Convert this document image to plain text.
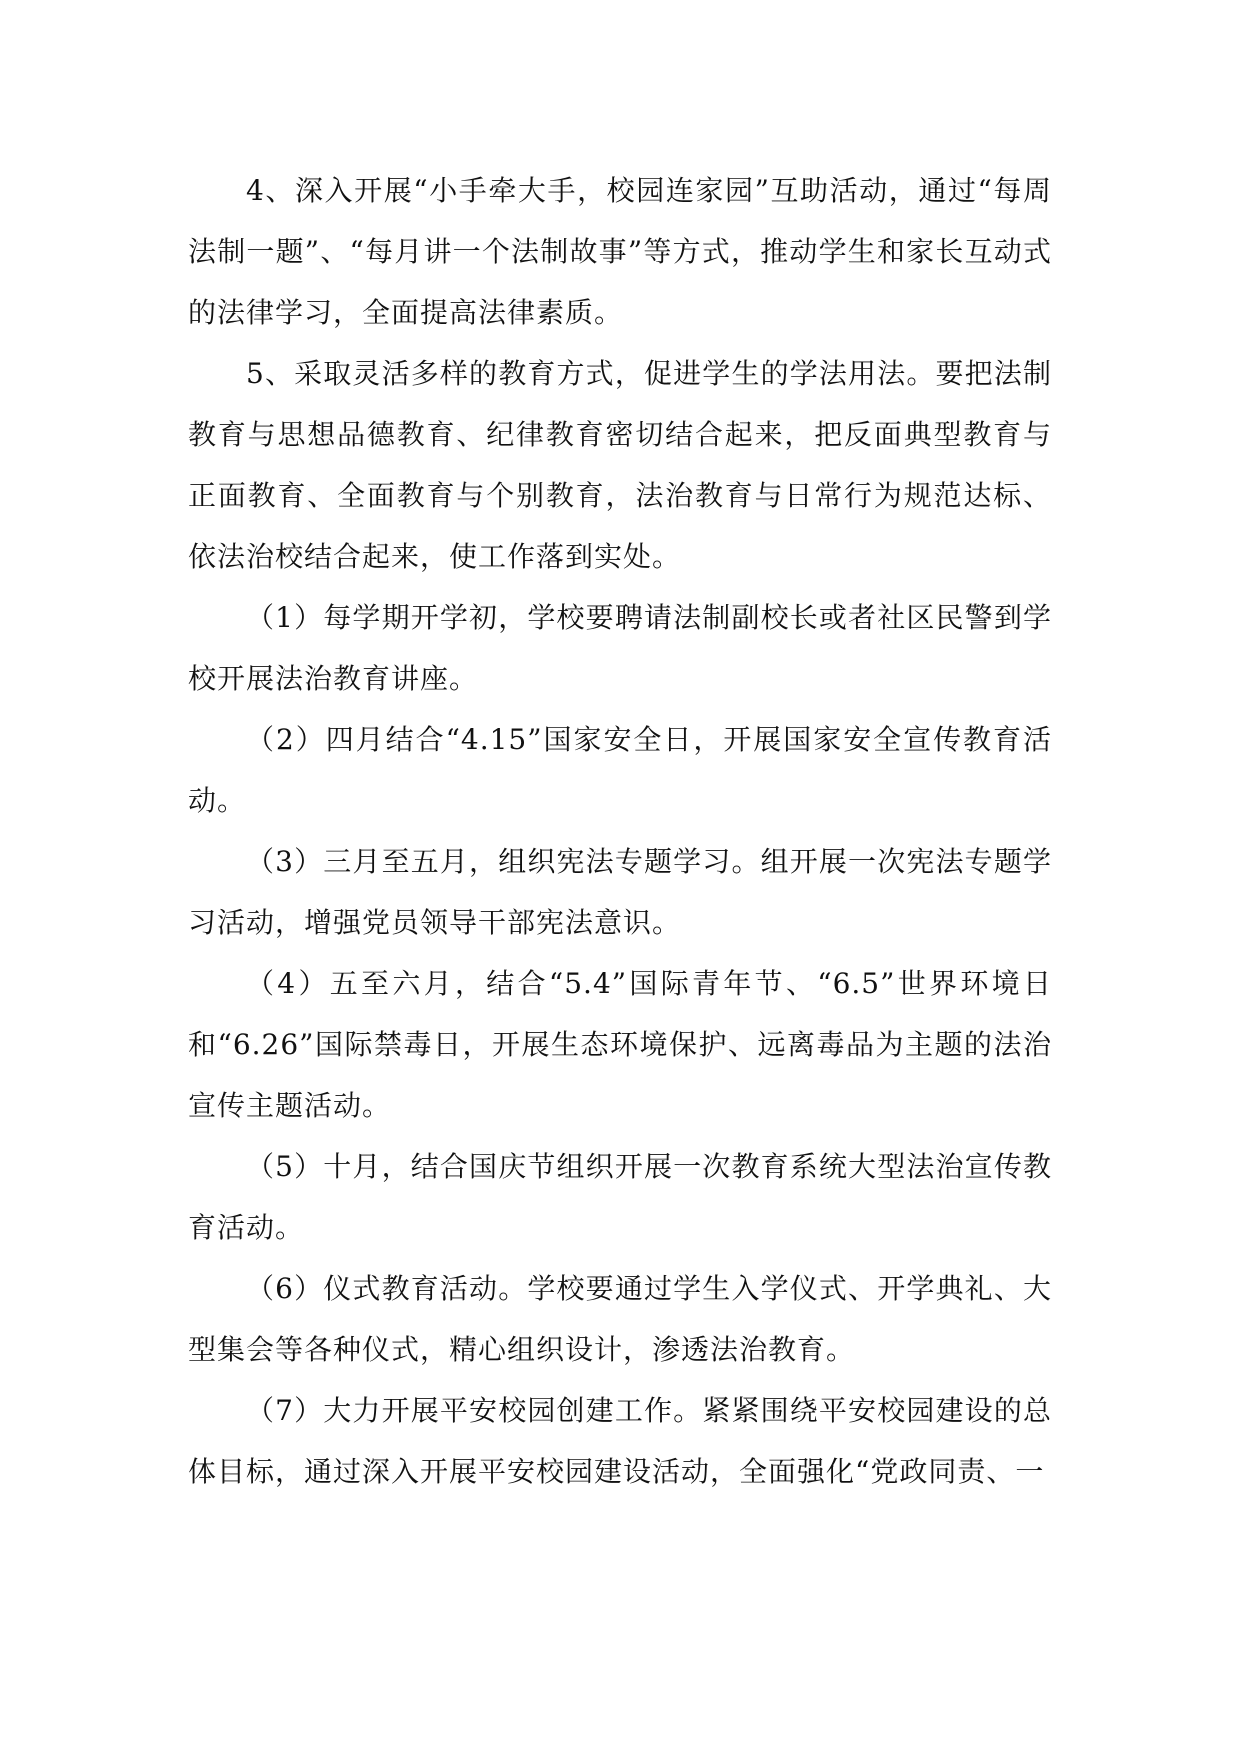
4、深入开展“小手牵大手，校园连家园”互助活动，通过“每周法制一题”、“每月讲一个法制故事”等方式，推动学生和家长互动式的法律学习，全面提高法律素质。

5、采取灵活多样的教育方式，促进学生的学法用法。要把法制教育与思想品德教育、纪律教育密切结合起来，把反面典型教育与正面教育、全面教育与个别教育，法治教育与日常行为规范达标、依法治校结合起来，使工作落到实处。

（1）每学期开学初，学校要聘请法制副校长或者社区民警到学校开展法治教育讲座。

（2）四月结合“4.15”国家安全日，开展国家安全宣传教育活动。

（3）三月至五月，组织宪法专题学习。组开展一次宪法专题学习活动，增强党员领导干部宪法意识。

（4）五至六月，结合“5.4”国际青年节、“6.5”世界环境日和“6.26”国际禁毒日，开展生态环境保护、远离毒品为主题的法治宣传主题活动。

（5）十月，结合国庆节组织开展一次教育系统大型法治宣传教育活动。

（6）仪式教育活动。学校要通过学生入学仪式、开学典礼、大型集会等各种仪式，精心组织设计，渗透法治教育。

（7）大力开展平安校园创建工作。紧紧围绕平安校园建设的总体目标，通过深入开展平安校园建设活动，全面强化“党政同责、一
